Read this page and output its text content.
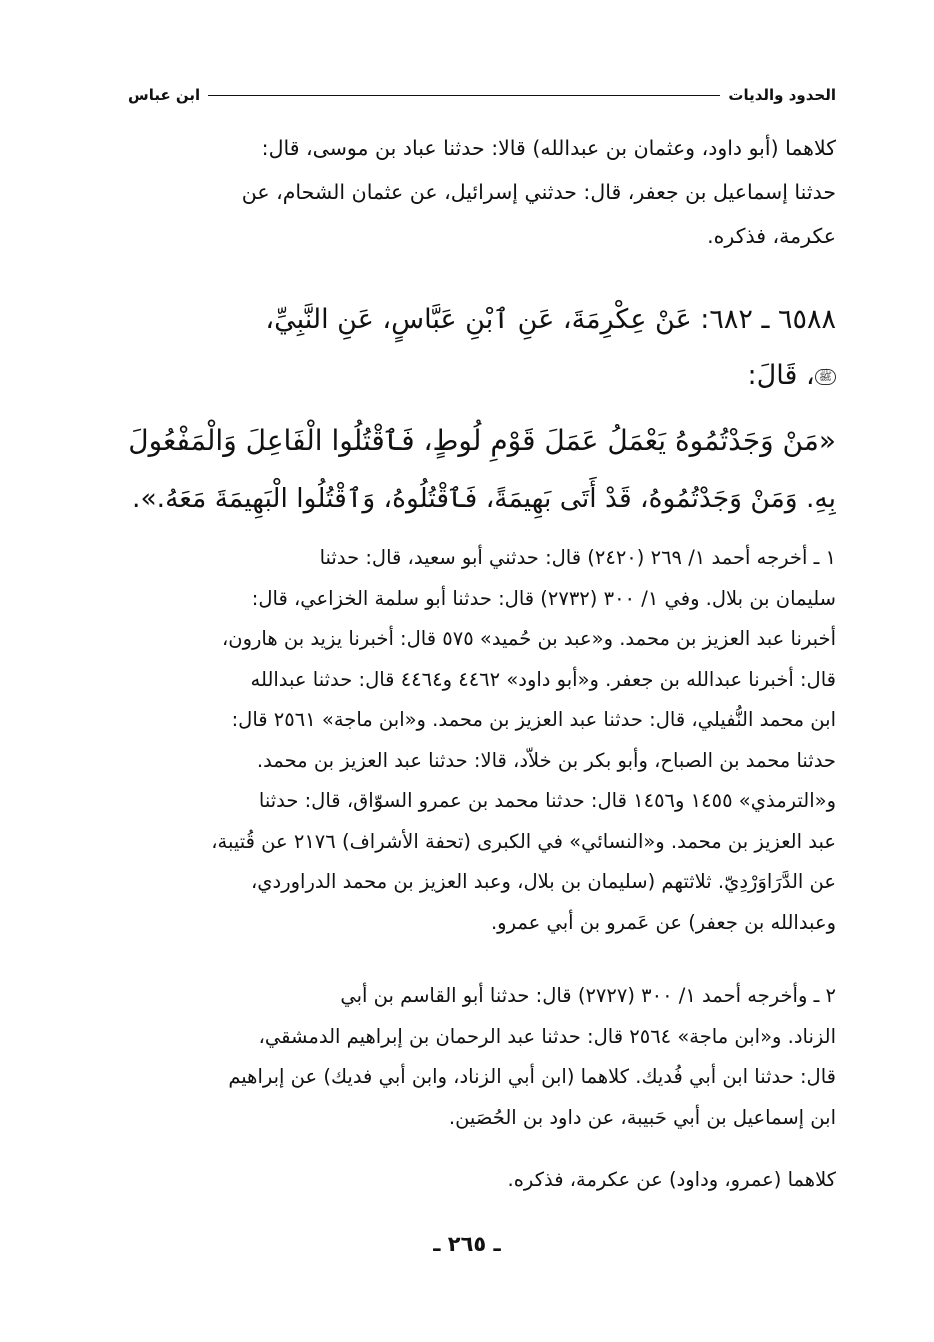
الحدود والديات
ابن عباس
كلاهما (أبو داود، وعثمان بن عبدالله) قالا: حدثنا عباد بن موسى، قال:
حدثنا إسماعيل بن جعفر، قال: حدثني إسرائيل، عن عثمان الشحام، عن
عكرمة، فذكره.
٦٥٨٨ ـ ٦٨٢: عَنْ عِكْرِمَةَ، عَنِ ٱبْنِ عَبَّاسٍ، عَنِ النَّبِيِّ،
ﷺ، قَالَ:
«مَنْ وَجَدْتُمُوهُ يَعْمَلُ عَمَلَ قَوْمِ لُوطٍ، فَٱقْتُلُوا الْفَاعِلَ وَالْمَفْعُولَ
بِهِ. وَمَنْ وَجَدْتُمُوهُ، قَدْ أَتَى بَهِيمَةً، فَٱقْتُلُوهُ، وَٱقْتُلُوا الْبَهِيمَةَ مَعَهُ.».
١ ـ أخرجه أحمد ١/ ٢٦٩ (٢٤٢٠) قال: حدثني أبو سعيد، قال: حدثنا
سليمان بن بلال. وفي ١/ ٣٠٠ (٢٧٣٢) قال: حدثنا أبو سلمة الخزاعي، قال:
أخبرنا عبد العزيز بن محمد. و«عبد بن حُميد» ٥٧٥ قال: أخبرنا يزيد بن هارون،
قال: أخبرنا عبدالله بن جعفر. و«أبو داود» ٤٤٦٢ و٤٤٦٤ قال: حدثنا عبدالله
ابن محمد النُّفيلي، قال: حدثنا عبد العزيز بن محمد. و«ابن ماجة» ٢٥٦١ قال:
حدثنا محمد بن الصباح، وأبو بكر بن خلاّد، قالا: حدثنا عبد العزيز بن محمد.
و«الترمذي» ١٤٥٥ و١٤٥٦ قال: حدثنا محمد بن عمرو السوّاق، قال: حدثنا
عبد العزيز بن محمد. و«النسائي» في الكبرى (تحفة الأشراف) ٢١٧٦ عن قُتيبة،
عن الدَّرَاوَرْدِيّ. ثلاثتهم (سليمان بن بلال، وعبد العزيز بن محمد الدراوردي،
وعبدالله بن جعفر) عن عَمرو بن أبي عمرو.
٢ ـ وأخرجه أحمد ١/ ٣٠٠ (٢٧٢٧) قال: حدثنا أبو القاسم بن أبي
الزناد. و«ابن ماجة» ٢٥٦٤ قال: حدثنا عبد الرحمان بن إبراهيم الدمشقي،
قال: حدثنا ابن أبي فُديك. كلاهما (ابن أبي الزناد، وابن أبي فديك) عن إبراهيم
ابن إسماعيل بن أبي حَبيبة، عن داود بن الحُصَين.
كلاهما (عمرو، وداود) عن عكرمة، فذكره.
ـ ٢٦٥ ـ
